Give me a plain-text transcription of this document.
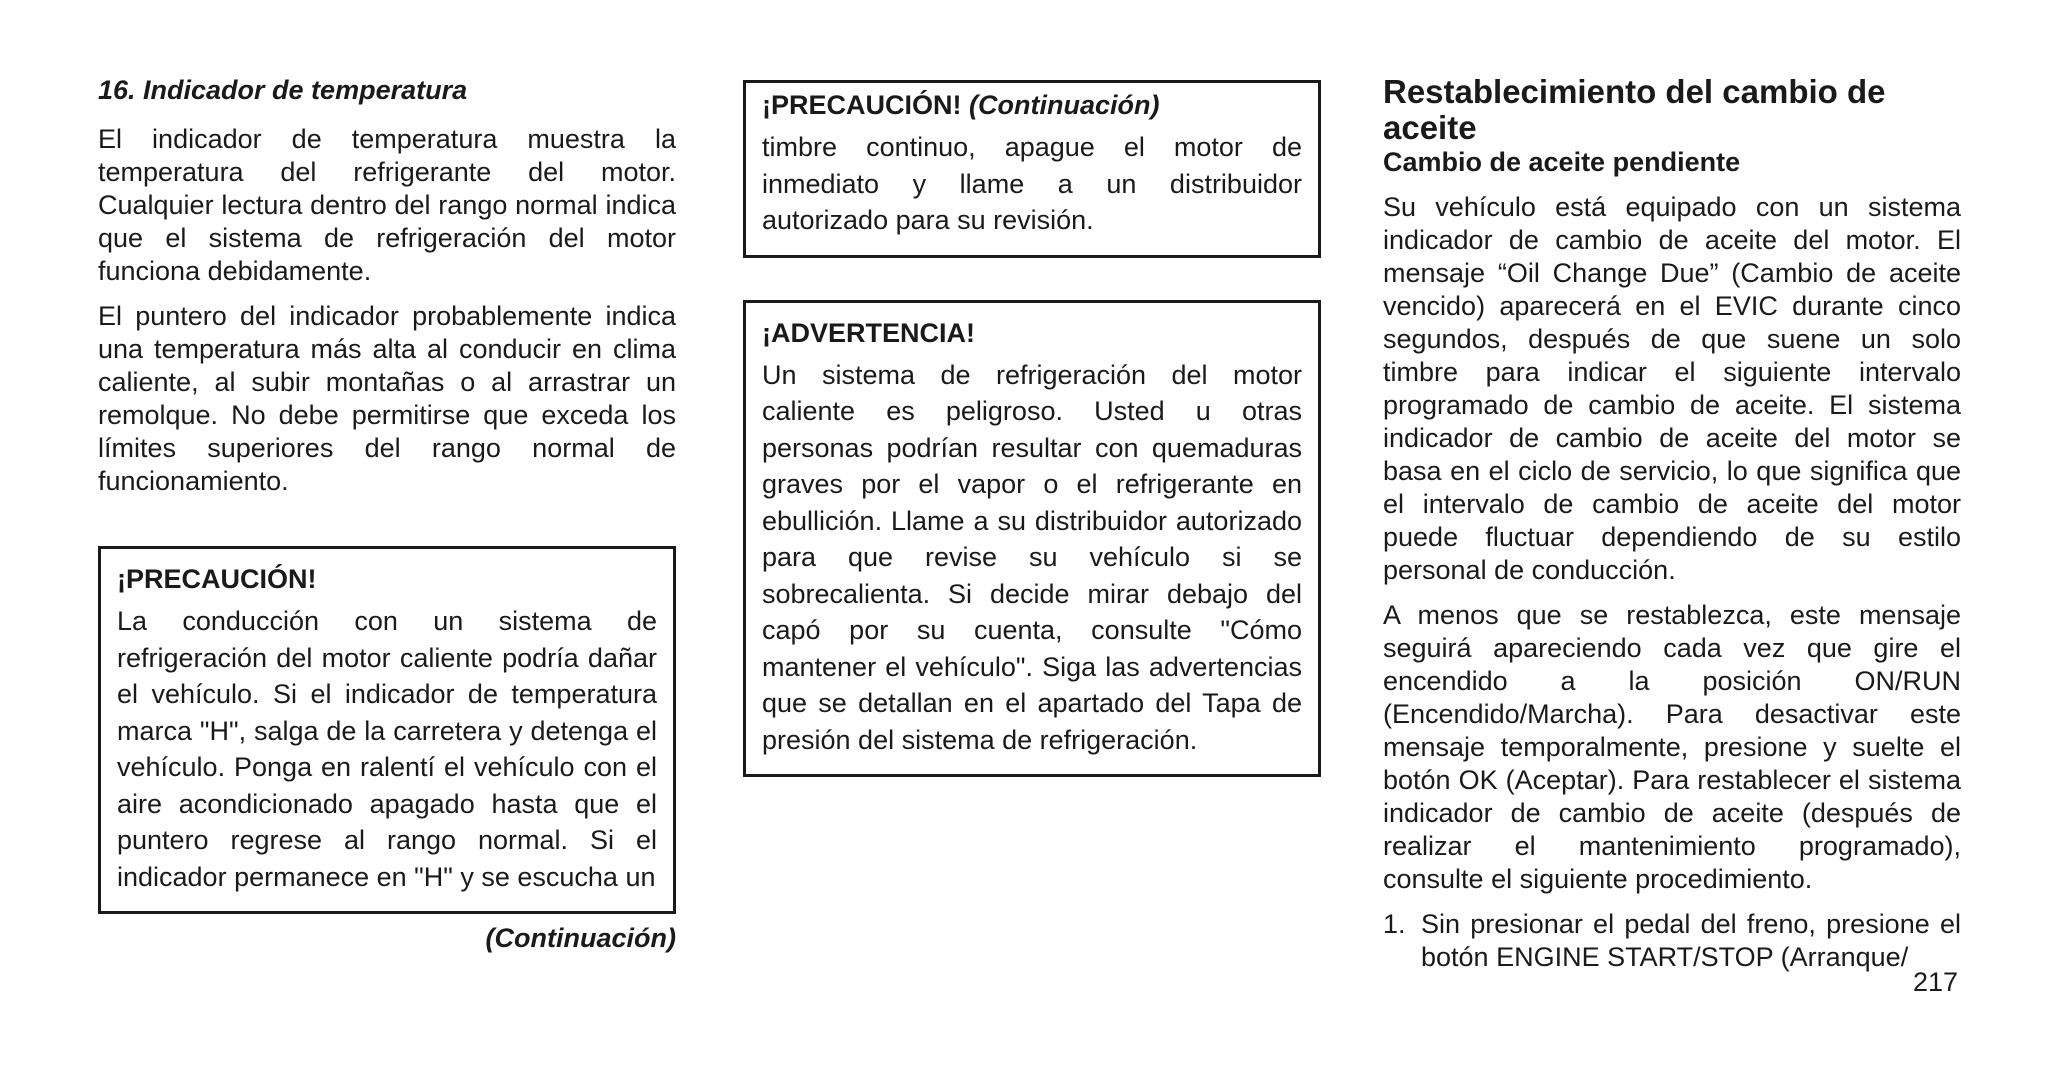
16. Indicador de temperatura

El indicador de temperatura muestra la temperatura del refrigerante del motor. Cualquier lectura dentro del rango normal indica que el sistema de refrigeración del motor funciona debidamente.

El puntero del indicador probablemente indica una temperatura más alta al conducir en clima caliente, al subir montañas o al arrastrar un remolque. No debe permitirse que exceda los límites superiores del rango normal de funcionamiento.

¡PRECAUCIÓN!

La conducción con un sistema de refrigeración del motor caliente podría dañar el vehículo. Si el indicador de temperatura marca "H", salga de la carretera y detenga el vehículo. Ponga en ralentí el vehículo con el aire acondicionado apagado hasta que el puntero regrese al rango normal. Si el indicador permanece en "H" y se escucha un

(Continuación)
¡PRECAUCIÓN! (Continuación)

timbre continuo, apague el motor de inmediato y llame a un distribuidor autorizado para su revisión.

¡ADVERTENCIA!

Un sistema de refrigeración del motor caliente es peligroso. Usted u otras personas podrían resultar con quemaduras graves por el vapor o el refrigerante en ebullición. Llame a su distribuidor autorizado para que revise su vehículo si se sobrecalienta. Si decide mirar debajo del capó por su cuenta, consulte "Cómo mantener el vehículo". Siga las advertencias que se detallan en el apartado del Tapa de presión del sistema de refrigeración.

Restablecimiento del cambio de aceite
Cambio de aceite pendiente

Su vehículo está equipado con un sistema indicador de cambio de aceite del motor. El mensaje “Oil Change Due” (Cambio de aceite vencido) aparecerá en el EVIC durante cinco segundos, después de que suene un solo timbre para indicar el siguiente intervalo programado de cambio de aceite. El sistema indicador de cambio de aceite del motor se basa en el ciclo de servicio, lo que significa que el intervalo de cambio de aceite del motor puede fluctuar dependiendo de su estilo personal de conducción.

A menos que se restablezca, este mensaje seguirá apareciendo cada vez que gire el encendido a la posición ON/RUN (Encendido/Marcha). Para desactivar este mensaje temporalmente, presione y suelte el botón OK (Aceptar). Para restablecer el sistema indicador de cambio de aceite (después de realizar el mantenimiento programado), consulte el siguiente procedimiento.

1. Sin presionar el pedal del freno, presione el botón ENGINE START/STOP (Arranque/
217
